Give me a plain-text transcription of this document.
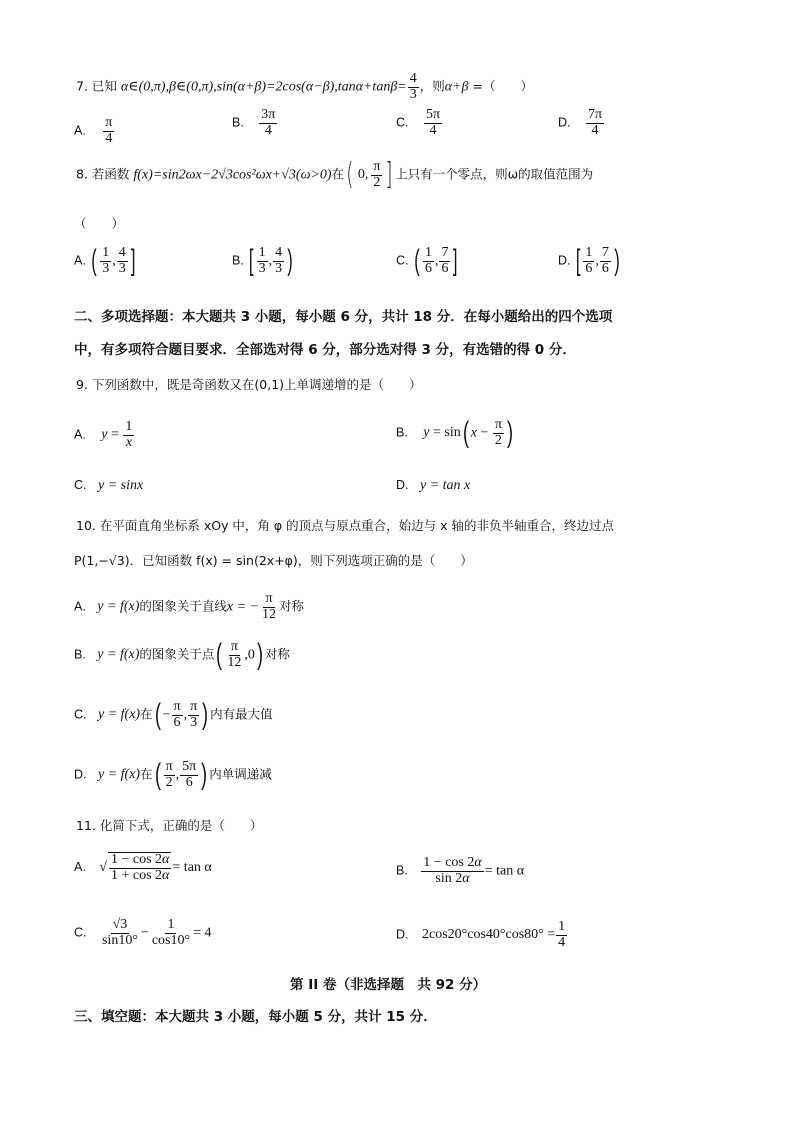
7. 已知 α∈(0,π),β∈(0,π),sin(α+β)=2cos(α−β),tanα+tanβ= $\frac{4}{3}$ ，则α+β =（　　）
A. $\frac{\pi}{4}$	B. $\frac{3\pi}{4}$	C. $\frac{5\pi}{4}$	D. $\frac{7\pi}{4}$
8. 若函数 f(x)=sin2ωx−2√3cos²ωx+√3(ω>0)在( 0, $\frac{\pi}{2}$ ] 上只有一个零点，则ω的取值范围为
（　　）
A. ( $\frac{1}{3}$ , $\frac{4}{3}$ ]	B. [ $\frac{1}{3}$ , $\frac{4}{3}$ )	C. ( $\frac{1}{6}$ , $\frac{7}{6}$ ]	D. [ $\frac{1}{6}$ , $\frac{7}{6}$ )
二、多项选择题：本大题共 3 小题，每小题 6 分，共计 18 分．在每小题给出的四个选项
中，有多项符合题目要求．全部选对得 6 分，部分选对得 3 分，有选错的得 0 分．
9. 下列函数中，既是奇函数又在(0,1)上单调递增的是（　　）
A. $y = \frac{1}{x}$	B. y = sin( $x - \frac{\pi}{2}$ )
C. y = sinx	D. y = tan x
10. 在平面直角坐标系 xOy 中，角 φ 的顶点与原点重合，始边与 x 轴的非负半轴重合，终边过点
P(1,−√3)．已知函数 f(x) = sin(2x+φ)，则下列选项正确的是（　　）
A. y = f(x)的图象关于直线x = − $\frac{\pi}{12}$ 对称
B. y = f(x)的图象关于点( $\frac{\pi}{12} ,0$) 对称
C. y = f(x)在( − $\frac{\pi}{6}$ , $\frac{\pi}{3}$ ) 内有最大值
D. y = f(x)在( $\frac{\pi}{2}$ , $\frac{5\pi}{6}$ ) 内单调递减
11. 化简下式，正确的是（　　）
A. √ $\frac{1 - \cos 2\alpha}{1 + \cos 2\alpha} = \tan \alpha$	B. $\frac{1 - \cos 2\alpha}{\sin 2\alpha} = \tan \alpha$
C. $\frac{√3}{\sin 10^\circ} - \frac{1}{\cos 10^\circ} = 4$	D. $2\cos 20^\circ\cos 40^\circ\cos 80^\circ = \frac{1}{4}$
第 II 卷（非选择题　共 92 分）
三、填空题：本大题共 3 小题，每小题 5 分，共计 15 分．
